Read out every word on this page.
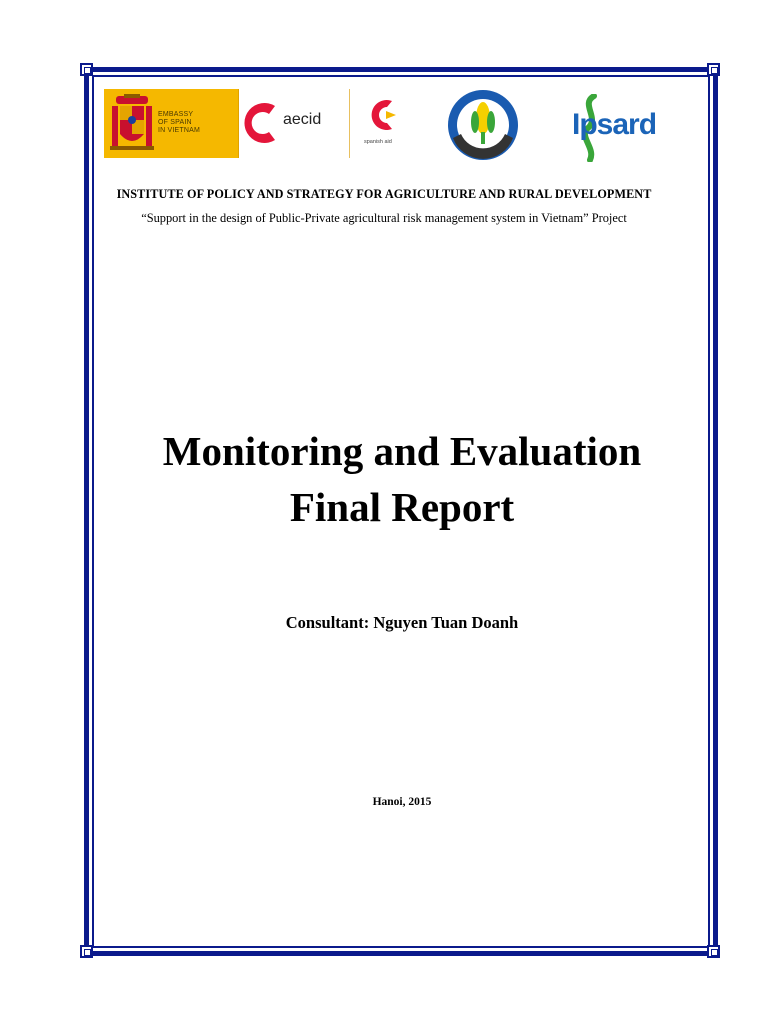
EMBASSY
OF SPAIN
IN VIETNAM
aecid
spanish aid
Ipsard
INSTITUTE OF POLICY AND STRATEGY FOR AGRICULTURE AND RURAL DEVELOPMENT
“Support in the design of Public-Private agricultural risk management system in Vietnam” Project
Monitoring and Evaluation
Final Report
Consultant: Nguyen Tuan Doanh
Hanoi, 2015
